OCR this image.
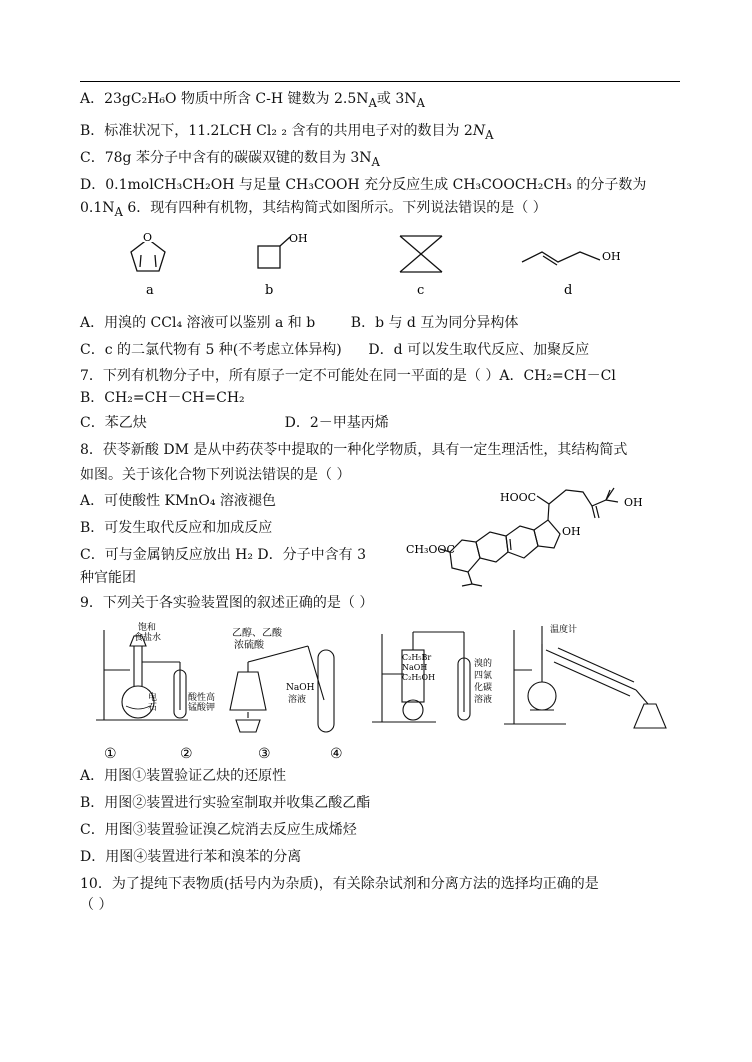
A．23gC₂H₆O 物质中所含 C-H 键数为 $2.5N_A$或 $3N_A$
B．标准状况下，11.2LCH Cl₂ ₂ 含有的共用电子对的数目为 $2N_A$
C．78g 苯分子中含有的碳碳双键的数目为 $3N_A$
D．0.1molCH₃CH₂OH 与足量 CH₃COOH 充分反应生成 CH₃COOCH₂CH₃ 的分子数为
$0.1N_A$ 6．现有四种有机物，其结构简式如图所示。下列说法错误的是（ ）
O
a
OH
b	c
OH
d
A．用溴的 CCl₄ 溶液可以鉴别 a 和 b        B．b 与 d 互为同分异构体
C．c 的二氯代物有 5 种(不考虑立体异构)      D．d 可以发生取代反应、加聚反应
7．下列有机物分子中，所有原子一定不可能处在同一平面的是（ ）A．CH₂=CH－Cl
B．CH₂=CH－CH=CH₂
C．苯乙炔                               D．2－甲基丙烯
8．茯苓新酸 DM 是从中药茯苓中提取的一种化学物质，具有一定生理活性，其结构简式
如图。关于该化合物下列说法错误的是（ ）
A．可使酸性 KMnO₄ 溶液褪色
B．可发生取代反应和加成反应
C．可与金属钠反应放出 H₂ D．分子中含有 3
种官能团
HOOC	OH
OH
CH₃OOC
9．下列关于各实验装置图的叙述正确的是（ ）
饱和
食盐水
电
石
酸性高
锰酸钾
乙醇、乙酸
浓硫酸
NaOH
溶液
C₂H₅Br
NaOH
C₂H₅OH
溴的
四氯
化碳
溶液
温度计
①	②	③	④
A．用图①装置验证乙炔的还原性
B．用图②装置进行实验室制取并收集乙酸乙酯
C．用图③装置验证溴乙烷消去反应生成烯烃
D．用图④装置进行苯和溴苯的分离
10．为了提纯下表物质(括号内为杂质)，有关除杂试剂和分离方法的选择均正确的是
（ ）
